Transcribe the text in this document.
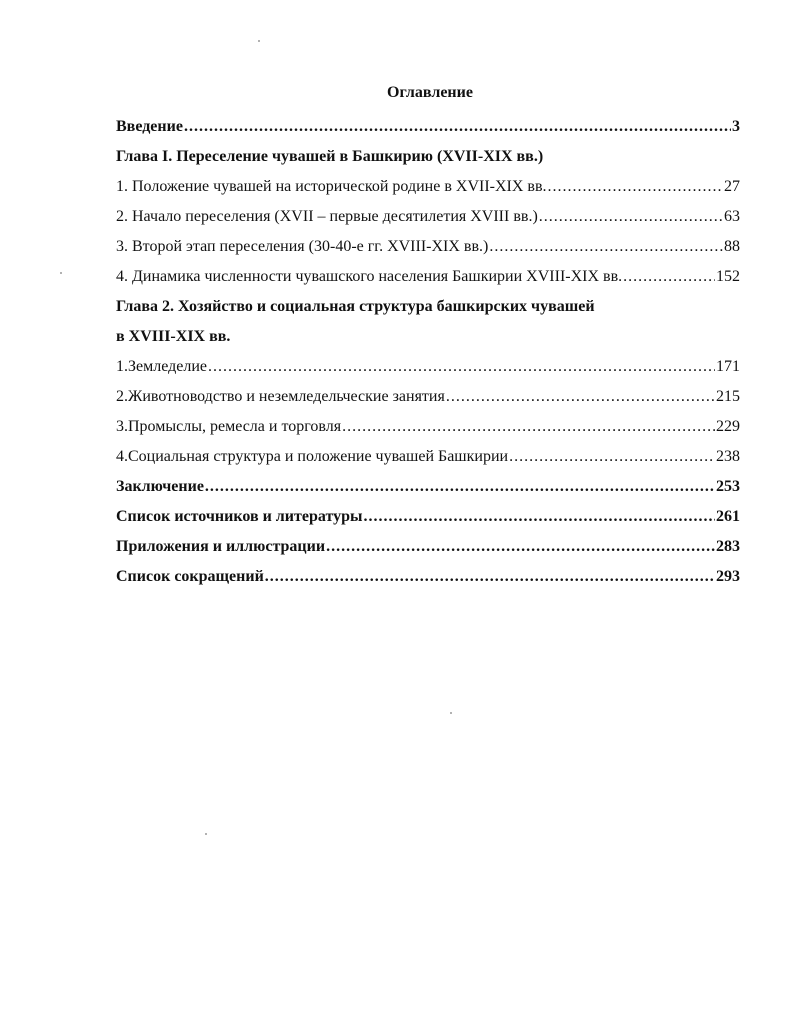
Оглавление
Введение .....	3
Глава I. Переселение чувашей в Башкирию (XVII-XIX вв.)
1. Положение чувашей на исторической родине в XVII-XIX вв. .....	27
2. Начало переселения (XVII – первые десятилетия XVIII вв.) .....	63
3. Второй этап переселения (30-40-е гг. XVIII-XIX вв.) .....	88
4. Динамика численности чувашского населения Башкирии XVIII-XIX вв. .....	152
Глава 2. Хозяйство и социальная структура башкирских чувашей
в XVIII-XIX вв.
1.Земледелие .....	171
2.Животноводство и неземледельческие занятия .....	215
3.Промыслы, ремесла и торговля .....	229
4.Социальная структура и положение чувашей Башкирии .....	238
Заключение .....	253
Список источников и литературы .....	261
Приложения и иллюстрации .....	283
Список сокращений .....	293
